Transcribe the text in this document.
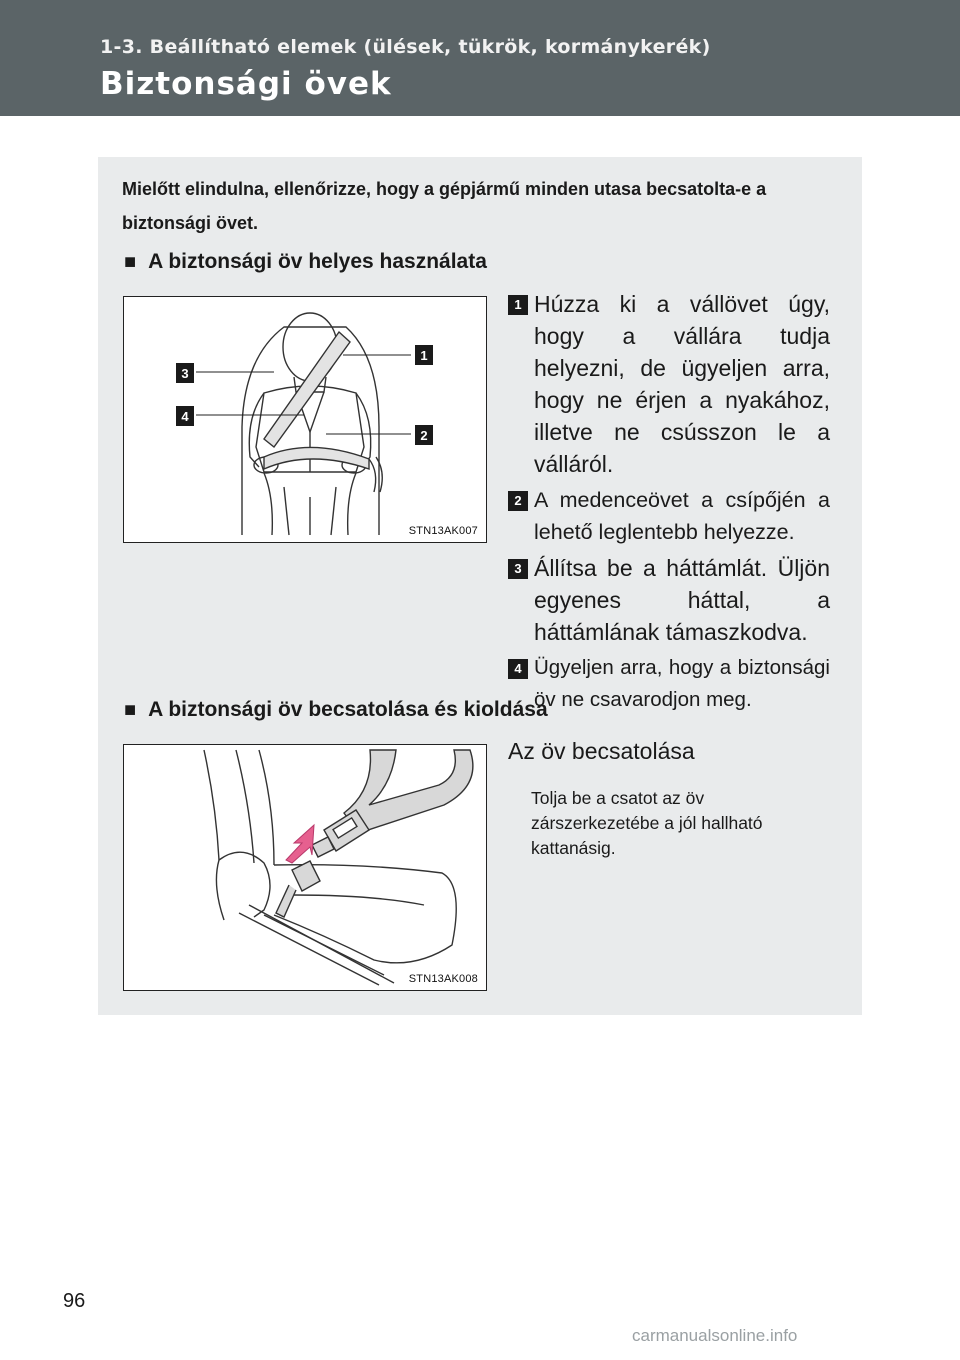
1-3. Beállítható elemek (ülések, tükrök, kormánykerék)
Biztonsági övek
Mielőtt elindulna, ellenőrizze, hogy a gépjármű minden utasa becsatolta-e a biztonsági övet.
■ A biztonsági öv helyes használata
1
2
3
4
STN13AK007
1 Húzza ki a vállövet úgy, hogy a vállára tudja helyezni, de ügyeljen arra, hogy ne érjen a nyakához, illetve ne csússzon le a válláról.
2 A medenceövet a csípőjén a lehető leglentebb helyezze.
3 Állítsa be a háttámlát. Üljön egyenes háttal, a háttámlának támaszkodva.
4 Ügyeljen arra, hogy a biztonsági öv ne csavarodjon meg.
■ A biztonsági öv becsatolása és kioldása
STN13AK008
Az öv becsatolása
Tolja be a csatot az öv zárszerkezetébe a jól hallható kattanásig.
96
carmanualsonline.info
